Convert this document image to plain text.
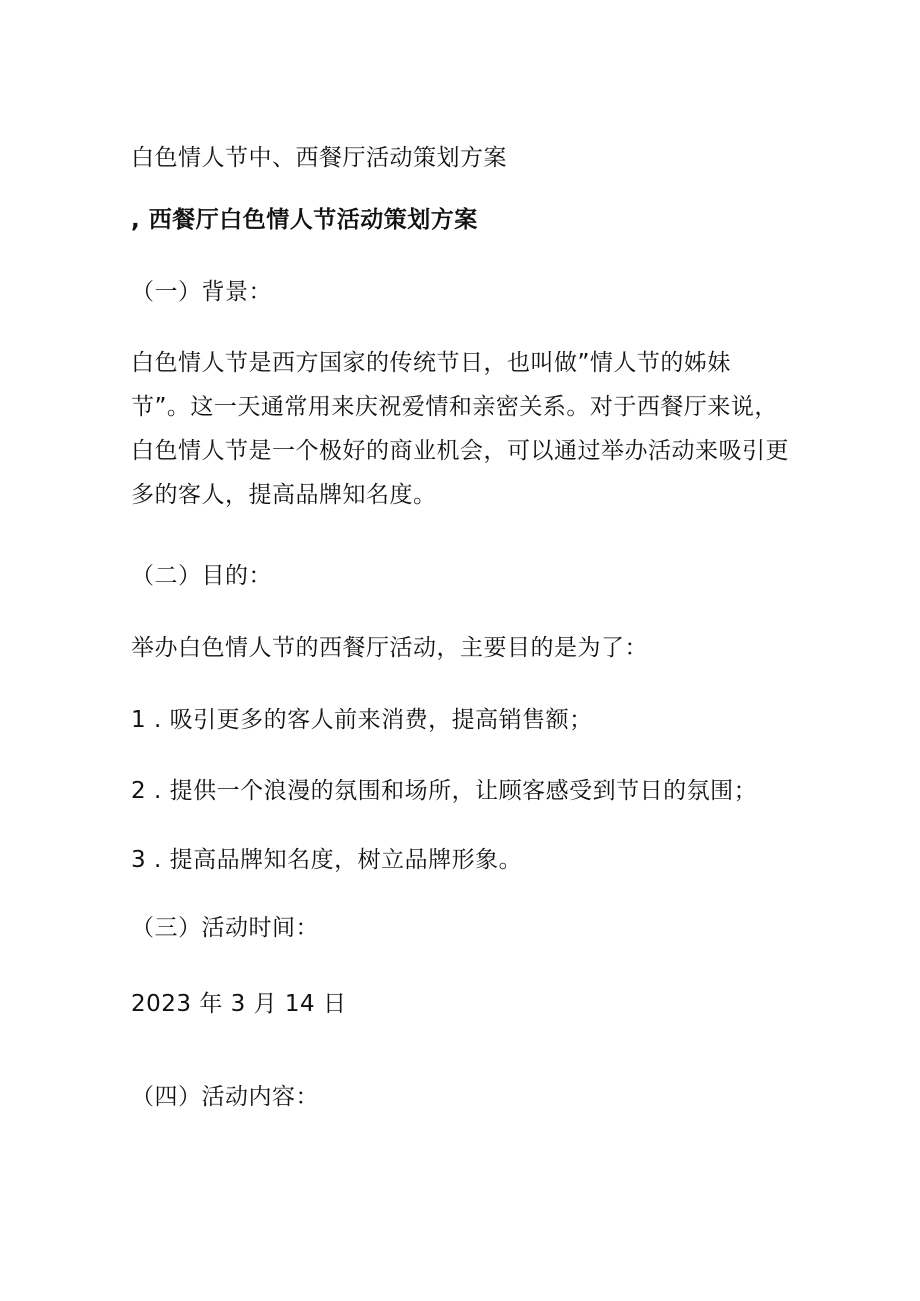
白色情人节中、西餐厅活动策划方案
, 西餐厅白色情人节活动策划方案
（一）背景：
白色情人节是西方国家的传统节日，也叫做”情人节的姊妹
节”。这一天通常用来庆祝爱情和亲密关系。对于西餐厅来说，
白色情人节是一个极好的商业机会，可以通过举办活动来吸引更
多的客人，提高品牌知名度。
（二）目的：
举办白色情人节的西餐厅活动，主要目的是为了：
1 . 吸引更多的客人前来消费，提高销售额；
2 . 提供一个浪漫的氛围和场所，让顾客感受到节日的氛围；
3 . 提高品牌知名度，树立品牌形象。
（三）活动时间：
2023 年 3 月 14 日
（四）活动内容：
